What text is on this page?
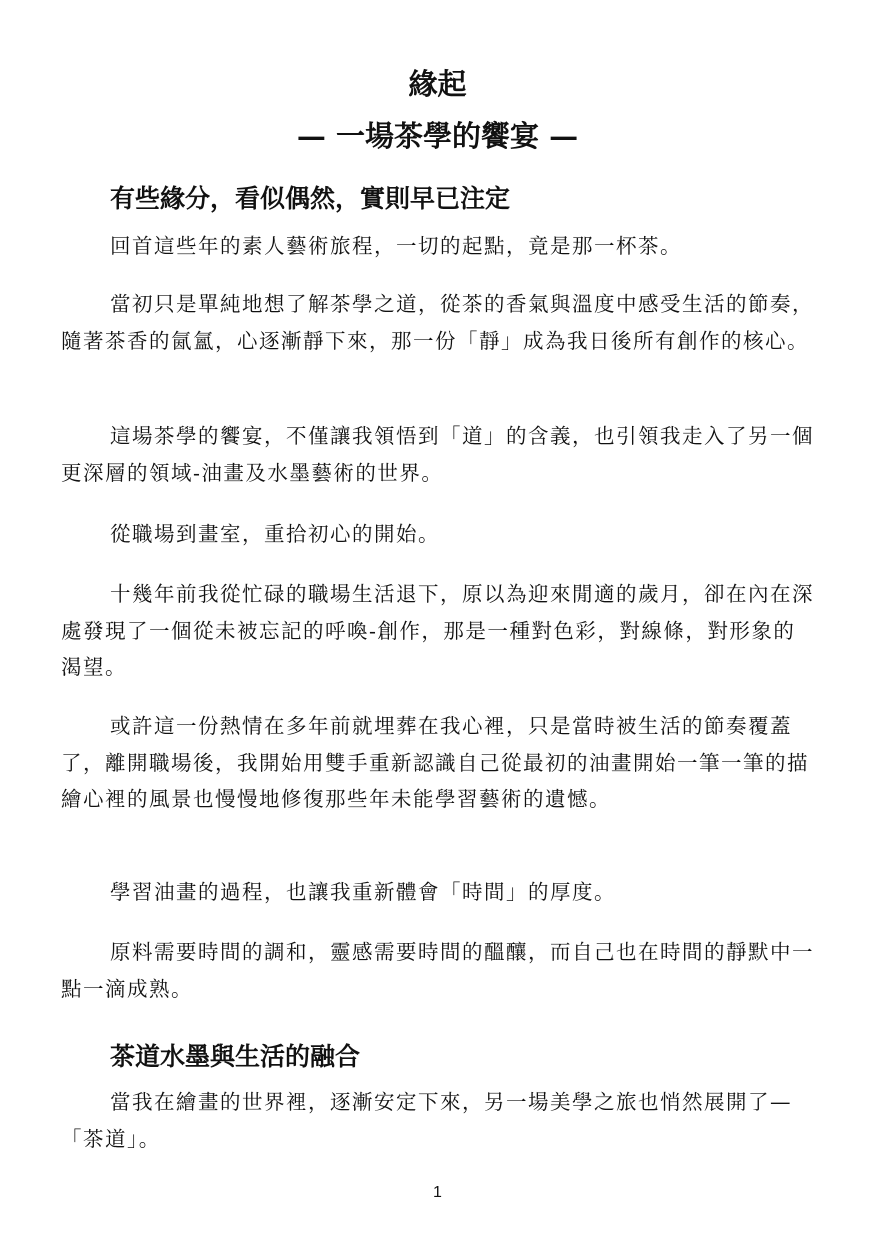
緣起
— 一場茶學的饗宴 —
有些緣分，看似偶然，實則早已注定

回首這些年的素人藝術旅程，一切的起點，竟是那一杯茶。

當初只是單純地想了解茶學之道，從茶的香氣與溫度中感受生活的節奏，隨著茶香的氤氳，心逐漸靜下來，那一份「靜」成為我日後所有創作的核心。

這場茶學的饗宴，不僅讓我領悟到「道」的含義，也引領我走入了另一個更深層的領域-油畫及水墨藝術的世界。

從職場到畫室，重拾初心的開始。

十幾年前我從忙碌的職場生活退下，原以為迎來閒適的歲月，卻在內在深處發現了一個從未被忘記的呼喚-創作，那是一種對色彩，對線條，對形象的渴望。

或許這一份熱情在多年前就埋葬在我心裡，只是當時被生活的節奏覆蓋了，離開職場後，我開始用雙手重新認識自己從最初的油畫開始一筆一筆的描繪心裡的風景也慢慢地修復那些年未能學習藝術的遺憾。

學習油畫的過程，也讓我重新體會「時間」的厚度。

原料需要時間的調和，靈感需要時間的醞釀，而自己也在時間的靜默中一點一滴成熟。

茶道水墨與生活的融合

當我在繪畫的世界裡，逐漸安定下來，另一場美學之旅也悄然展開了—「茶道」。

1
